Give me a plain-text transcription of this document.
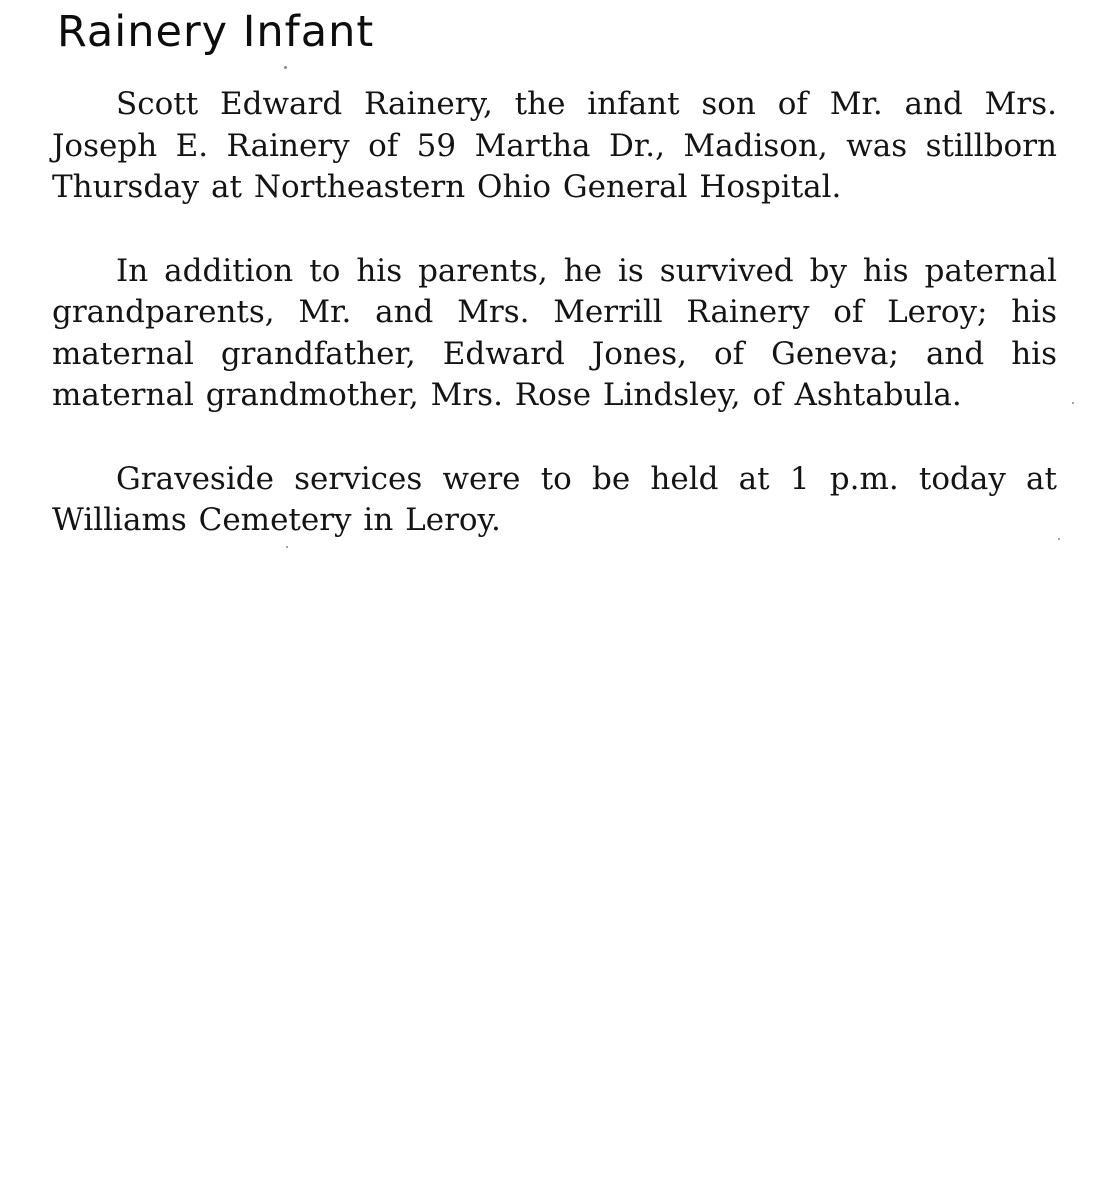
Rainery Infant

Scott Edward Rainery, the infant son of Mr. and Mrs. Joseph E. Rainery of 59 Martha Dr., Madison, was stillborn Thursday at Northeastern Ohio General Hospital.

In addition to his parents, he is survived by his paternal grandparents, Mr. and Mrs. Merrill Rainery of Leroy; his maternal grandfather, Edward Jones, of Geneva; and his maternal grandmother, Mrs. Rose Lindsley, of Ashtabula.

Graveside services were to be held at 1 p.m. today at Williams Cemetery in Leroy.
